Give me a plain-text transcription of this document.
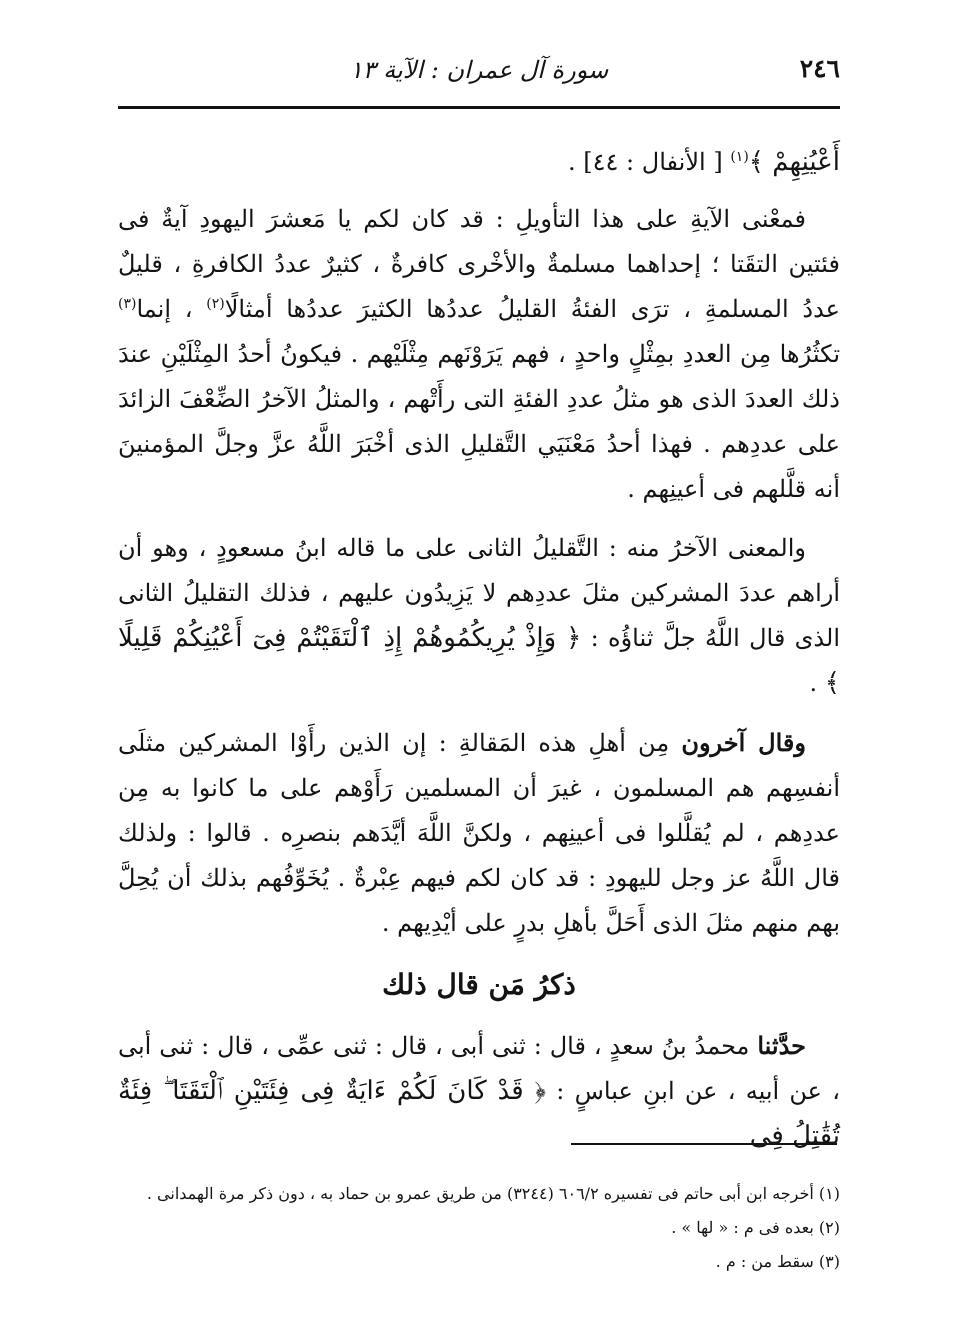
٢٤٦
سورة آل عمران : الآية ١٣

أَعْيُنِهِمْ ﴾$^{(١)}$ [ الأنفال : ٤٤] .

فمعْنى الآيةِ على هذا التأويلِ : قد كان لكم يا مَعشرَ اليهودِ آيةٌ فى فئتين التقَتا ؛ إحداهما مسلمةٌ والأخْرى كافرةٌ ، كثيرٌ عددُ الكافرةِ ، قليلٌ عددُ المسلمةِ ، ترَى الفئةُ القليلُ عددُها الكثيرَ عددُها أمثالًا$^{(٢)}$ ، إنما$^{(٣)}$ تكثُرُها مِن العددِ بمِثْلٍ واحدٍ ، فهم يَرَوْنَهم مِثْلَيْهم . فيكونُ أحدُ المِثْلَيْنِ عندَ ذلك العددَ الذى هو مثلُ عددِ الفئةِ التى رأَتْهم ، والمثلُ الآخرُ الضِّعْفَ الزائدَ على عددِهم . فهذا أحدُ مَعْنَيَي التَّقليلِ الذى أخْبَرَ اللَّهُ عزَّ وجلَّ المؤمنينَ أنه قلَّلهم فى أعينِهم .

والمعنى الآخرُ منه : التَّقليلُ الثانى على ما قاله ابنُ مسعودٍ ، وهو أن أراهم عددَ المشركين مثلَ عددِهم لا يَزِيدُون عليهم ، فذلك التقليلُ الثانى الذى قال اللَّهُ جلَّ ثناؤُه : ﴿ وَإِذْ يُرِيكُمُوهُمْ إِذِ ٱلْتَقَيْتُمْ فِىٓ أَعْيُنِكُمْ قَلِيلًا ﴾ .

وقال آخرون مِن أهلِ هذه المَقالةِ : إن الذين رأَوْا المشركين مثلَى أنفسِهم هم المسلمون ، غيرَ أن المسلمين رَأَوْهم على ما كانوا به مِن عددِهم ، لم يُقلَّلوا فى أعينِهم ، ولكنَّ اللَّهَ أيَّدَهم بنصرِه . قالوا : ولذلك قال اللَّهُ عز وجل لليهودِ : قد كان لكم فيهم عِبْرةٌ . يُخَوِّفُهم بذلك أن يُحِلَّ بهم منهم مثلَ الذى أَحَلَّ بأهلِ بدرٍ على أيْدِيهم .

ذكرُ مَن قال ذلك

حدَّثنا محمدُ بنُ سعدٍ ، قال : ثنى أبى ، قال : ثنى عمِّى ، قال : ثنى أبى ، عن أبيه ، عن ابنِ عباسٍ : ﴿ قَدْ كَانَ لَكُمْ ءَايَةٌ فِى فِئَتَيْنِ ٱلْتَقَتَا ۖ فِئَةٌ تُقَٰتِلُ فِى

(١) أخرجه ابن أبى حاتم فى تفسيره ٦٠٦/٢ (٣٢٤٤) من طريق عمرو بن حماد به ، دون ذكر مرة الهمدانى .

(٢) بعده فى م : « لها » .

(٣) سقط من : م .
